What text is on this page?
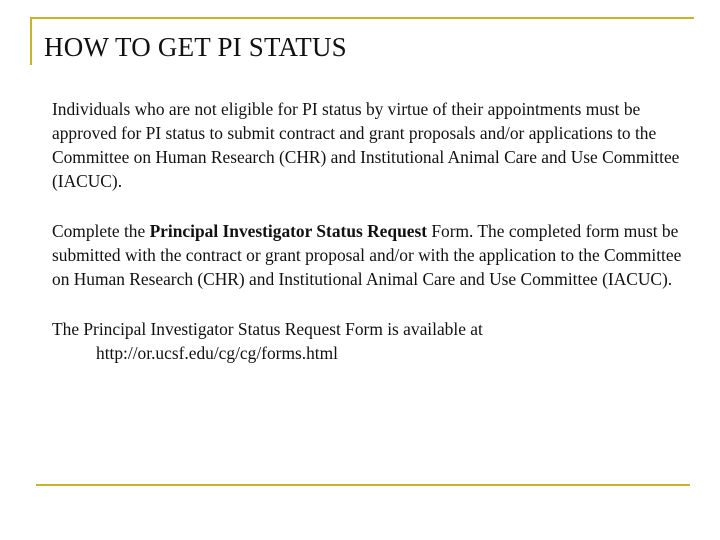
HOW TO GET PI STATUS

Individuals who are not eligible for PI status by virtue of their appointments must be approved for PI status to submit contract and grant proposals and/or applications to the Committee on Human Research (CHR) and Institutional Animal Care and Use Committee (IACUC).

Complete the Principal Investigator Status Request Form. The completed form must be submitted with the contract or grant proposal and/or with the application to the Committee on Human Research (CHR) and Institutional Animal Care and Use Committee (IACUC).

The Principal Investigator Status Request Form is available at
http://or.ucsf.edu/cg/cg/forms.html
